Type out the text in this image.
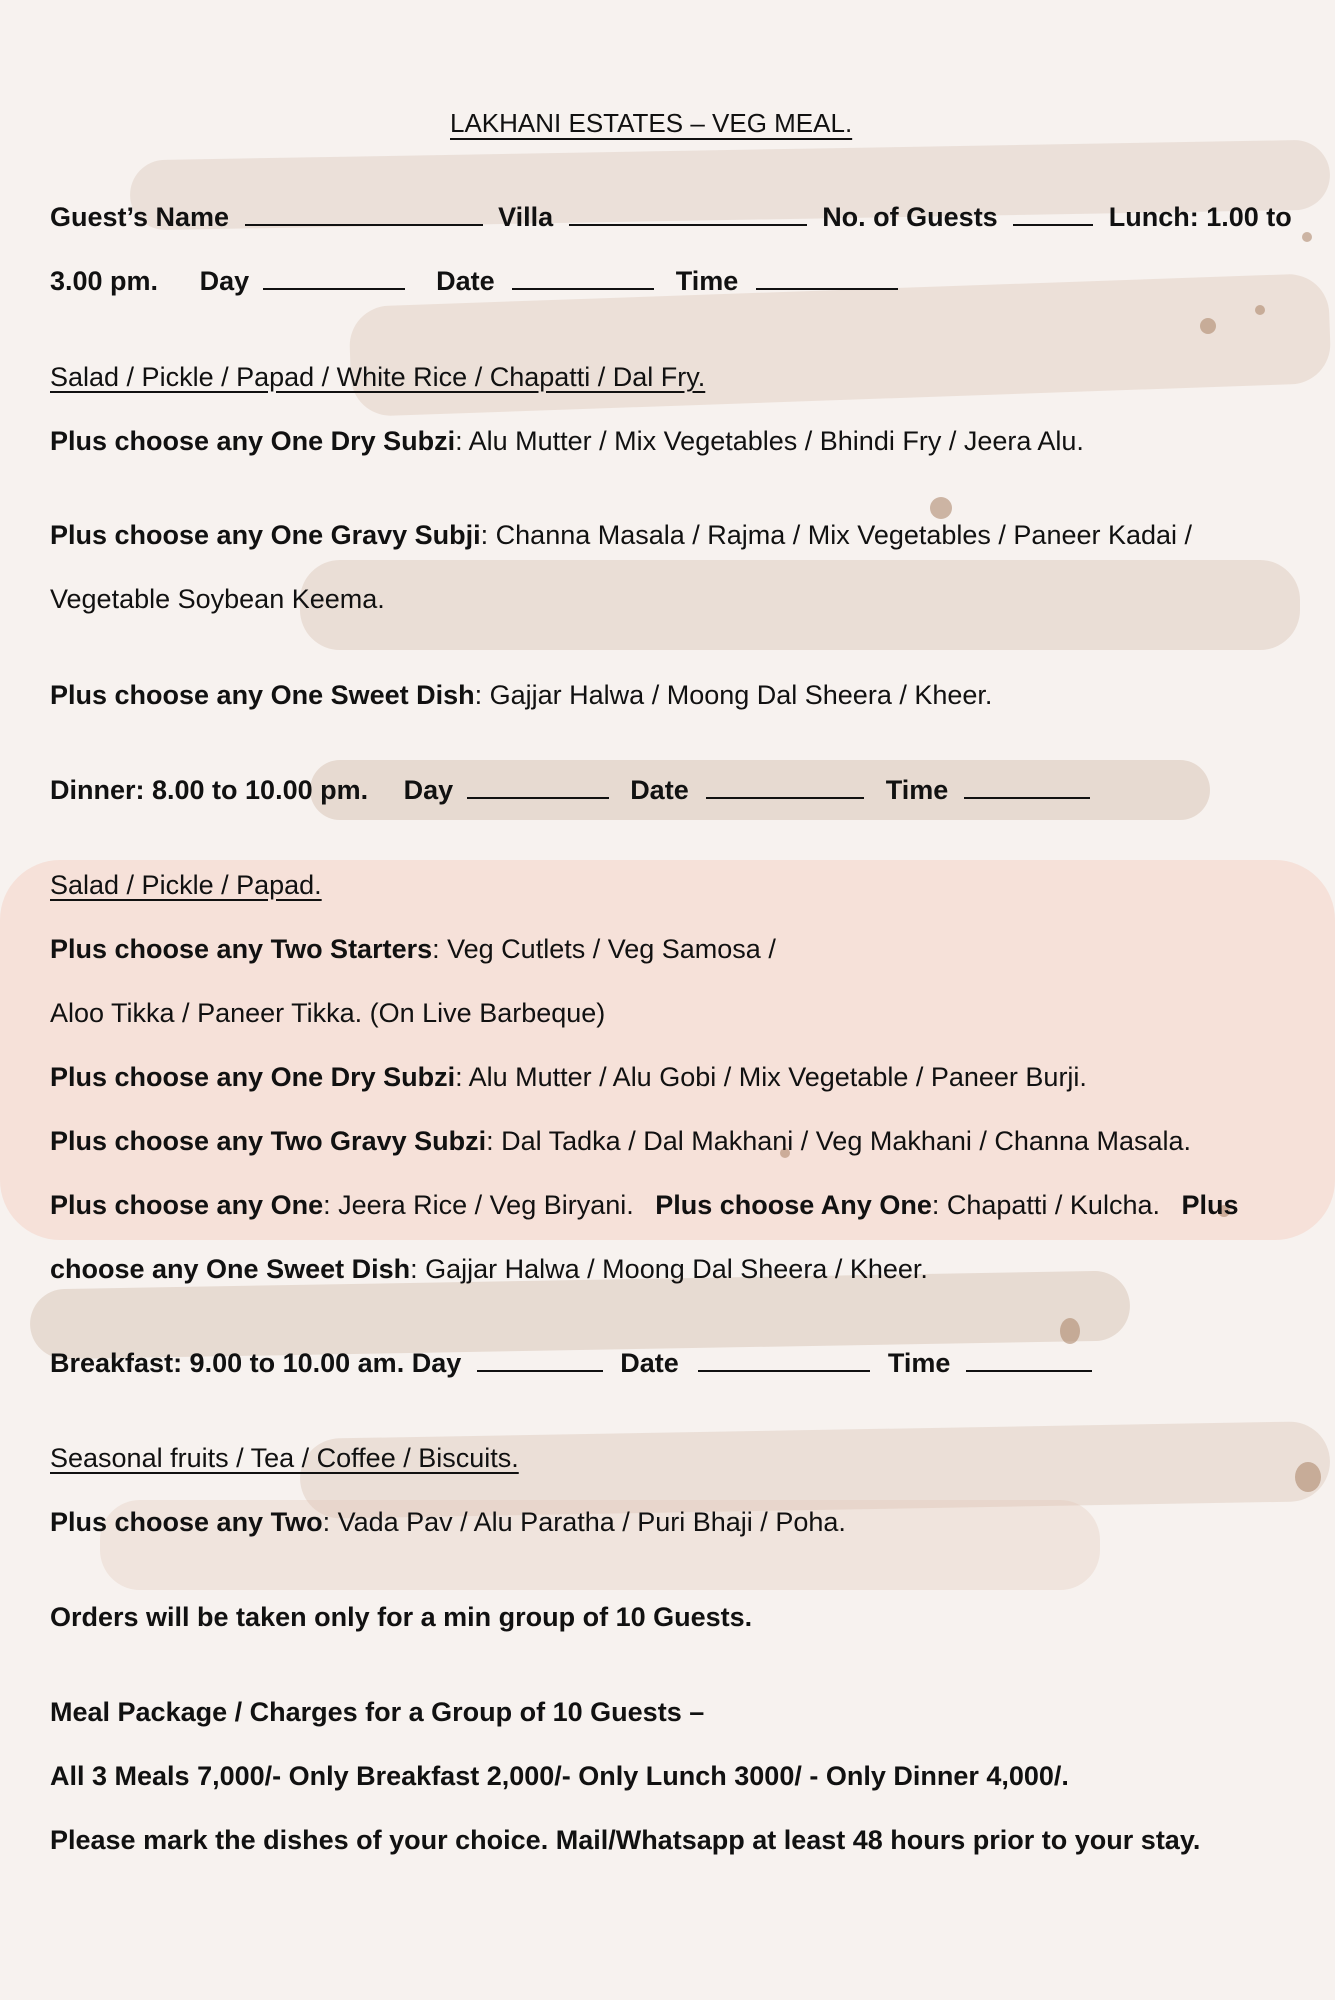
LAKHANI ESTATES – VEG MEAL.
Guest’s Name	Villa	No. of Guests	Lunch: 1.00 to
3.00 pm. Day	Date	Time
Salad / Pickle / Papad / White Rice / Chapatti / Dal Fry.
Plus choose any One Dry Subzi: Alu Mutter / Mix Vegetables / Bhindi Fry / Jeera Alu.
Plus choose any One Gravy Subji: Channa Masala / Rajma / Mix Vegetables / Paneer Kadai /
Vegetable Soybean Keema.
Plus choose any One Sweet Dish: Gajjar Halwa / Moong Dal Sheera / Kheer.
Dinner: 8.00 to 10.00 pm. Day	Date	Time
Salad / Pickle / Papad.
Plus choose any Two Starters: Veg Cutlets / Veg Samosa /
Aloo Tikka / Paneer Tikka. (On Live Barbeque)
Plus choose any One Dry Subzi: Alu Mutter / Alu Gobi / Mix Vegetable / Paneer Burji.
Plus choose any Two Gravy Subzi: Dal Tadka / Dal Makhani / Veg Makhani / Channa Masala.
Plus choose any One: Jeera Rice / Veg Biryani. Plus choose Any One: Chapatti / Kulcha. Plus
choose any One Sweet Dish: Gajjar Halwa / Moong Dal Sheera / Kheer.
Breakfast: 9.00 to 10.00 am. Day	Date	Time
Seasonal fruits / Tea / Coffee / Biscuits.
Plus choose any Two: Vada Pav / Alu Paratha / Puri Bhaji / Poha.
Orders will be taken only for a min group of 10 Guests.
Meal Package / Charges for a Group of 10 Guests –
All 3 Meals 7,000/- Only Breakfast 2,000/- Only Lunch 3000/ - Only Dinner 4,000/.
Please mark the dishes of your choice. Mail/Whatsapp at least 48 hours prior to your stay.
